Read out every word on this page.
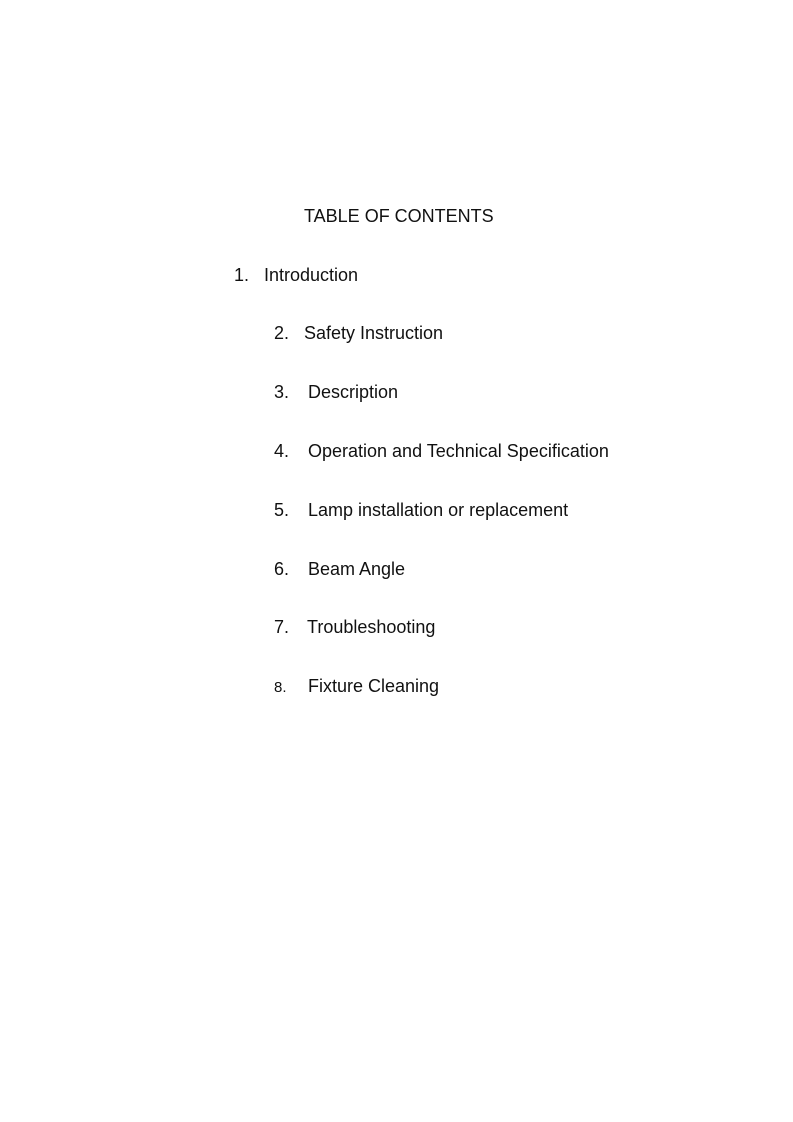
TABLE OF CONTENTS
1. Introduction
2. Safety Instruction
3. Description
4. Operation and Technical Specification
5. Lamp installation or replacement
6. Beam Angle
7. Troubleshooting
8. Fixture Cleaning
